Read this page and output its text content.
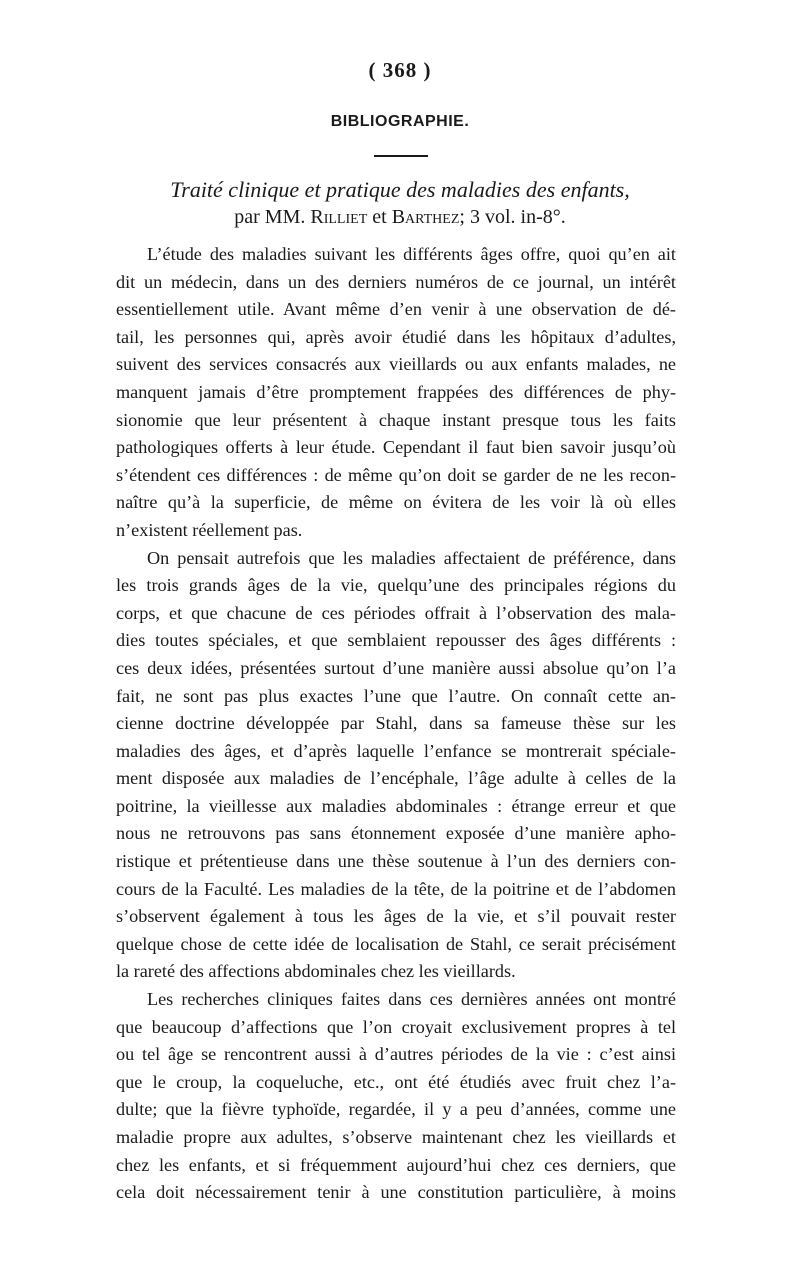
( 368 )
BIBLIOGRAPHIE.
Traité clinique et pratique des maladies des enfants,
par MM. Rilliet et Barthez; 3 vol. in-8°.
L’étude des maladies suivant les différents âges offre, quoi qu’en ait
dit un médecin, dans un des derniers numéros de ce journal, un intérêt
essentiellement utile. Avant même d’en venir à une observation de dé-
tail, les personnes qui, après avoir étudié dans les hôpitaux d’adultes,
suivent des services consacrés aux vieillards ou aux enfants malades, ne
manquent jamais d’être promptement frappées des différences de phy-
sionomie que leur présentent à chaque instant presque tous les faits
pathologiques offerts à leur étude. Cependant il faut bien savoir jusqu’où
s’étendent ces différences : de même qu’on doit se garder de ne les recon-
naître qu’à la superficie, de même on évitera de les voir là où elles
n’existent réellement pas.
On pensait autrefois que les maladies affectaient de préférence, dans
les trois grands âges de la vie, quelqu’une des principales régions du
corps, et que chacune de ces périodes offrait à l’observation des mala-
dies toutes spéciales, et que semblaient repousser des âges différents :
ces deux idées, présentées surtout d’une manière aussi absolue qu’on l’a
fait, ne sont pas plus exactes l’une que l’autre. On connaît cette an-
cienne doctrine développée par Stahl, dans sa fameuse thèse sur les
maladies des âges, et d’après laquelle l’enfance se montrerait spéciale-
ment disposée aux maladies de l’encéphale, l’âge adulte à celles de la
poitrine, la vieillesse aux maladies abdominales : étrange erreur et que
nous ne retrouvons pas sans étonnement exposée d’une manière apho-
ristique et prétentieuse dans une thèse soutenue à l’un des derniers con-
cours de la Faculté. Les maladies de la tête, de la poitrine et de l’abdomen
s’observent également à tous les âges de la vie, et s’il pouvait rester
quelque chose de cette idée de localisation de Stahl, ce serait précisément
la rareté des affections abdominales chez les vieillards.
Les recherches cliniques faites dans ces dernières années ont montré
que beaucoup d’affections que l’on croyait exclusivement propres à tel
ou tel âge se rencontrent aussi à d’autres périodes de la vie : c’est ainsi
que le croup, la coqueluche, etc., ont été étudiés avec fruit chez l’a-
dulte; que la fièvre typhoïde, regardée, il y a peu d’années, comme une
maladie propre aux adultes, s’observe maintenant chez les vieillards et
chez les enfants, et si fréquemment aujourd’hui chez ces derniers, que
cela doit nécessairement tenir à une constitution particulière, à moins
